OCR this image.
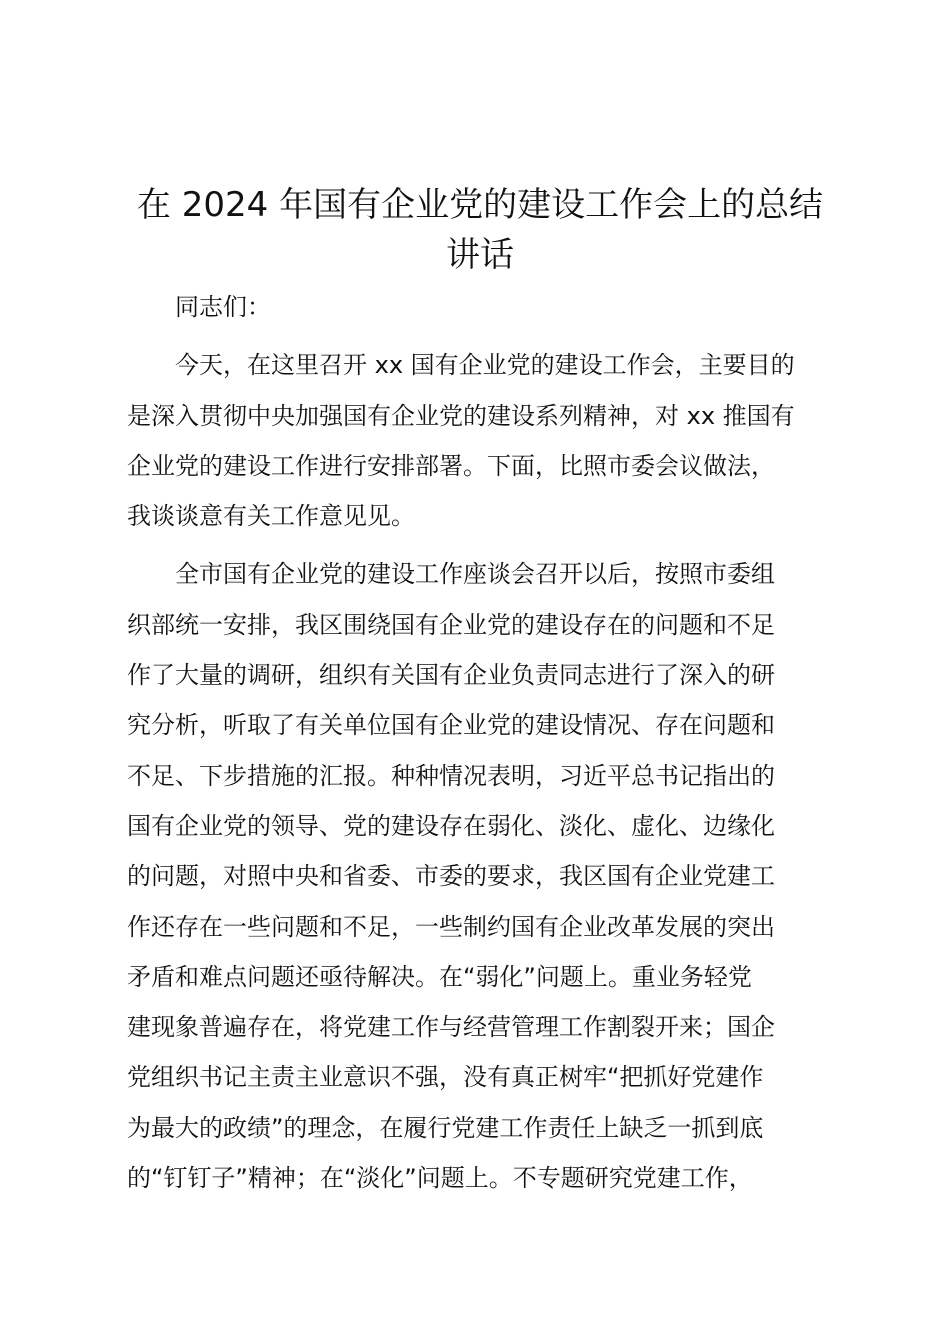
在 2024 年国有企业党的建设工作会上的总结
讲话
同志们：
今天，在这里召开 xx 国有企业党的建设工作会，主要目的
是深入贯彻中央加强国有企业党的建设系列精神，对 xx 推国有
企业党的建设工作进行安排部署。下面，比照市委会议做法，
我谈谈意有关工作意见见。
全市国有企业党的建设工作座谈会召开以后，按照市委组
织部统一安排，我区围绕国有企业党的建设存在的问题和不足
作了大量的调研，组织有关国有企业负责同志进行了深入的研
究分析，听取了有关单位国有企业党的建设情况、存在问题和
不足、下步措施的汇报。种种情况表明，习近平总书记指出的
国有企业党的领导、党的建设存在弱化、淡化、虚化、边缘化
的问题，对照中央和省委、市委的要求，我区国有企业党建工
作还存在一些问题和不足，一些制约国有企业改革发展的突出
矛盾和难点问题还亟待解决。在“弱化”问题上。重业务轻党
建现象普遍存在，将党建工作与经营管理工作割裂开来；国企
党组织书记主责主业意识不强，没有真正树牢“把抓好党建作
为最大的政绩”的理念，在履行党建工作责任上缺乏一抓到底
的“钉钉子”精神；在“淡化”问题上。不专题研究党建工作，
